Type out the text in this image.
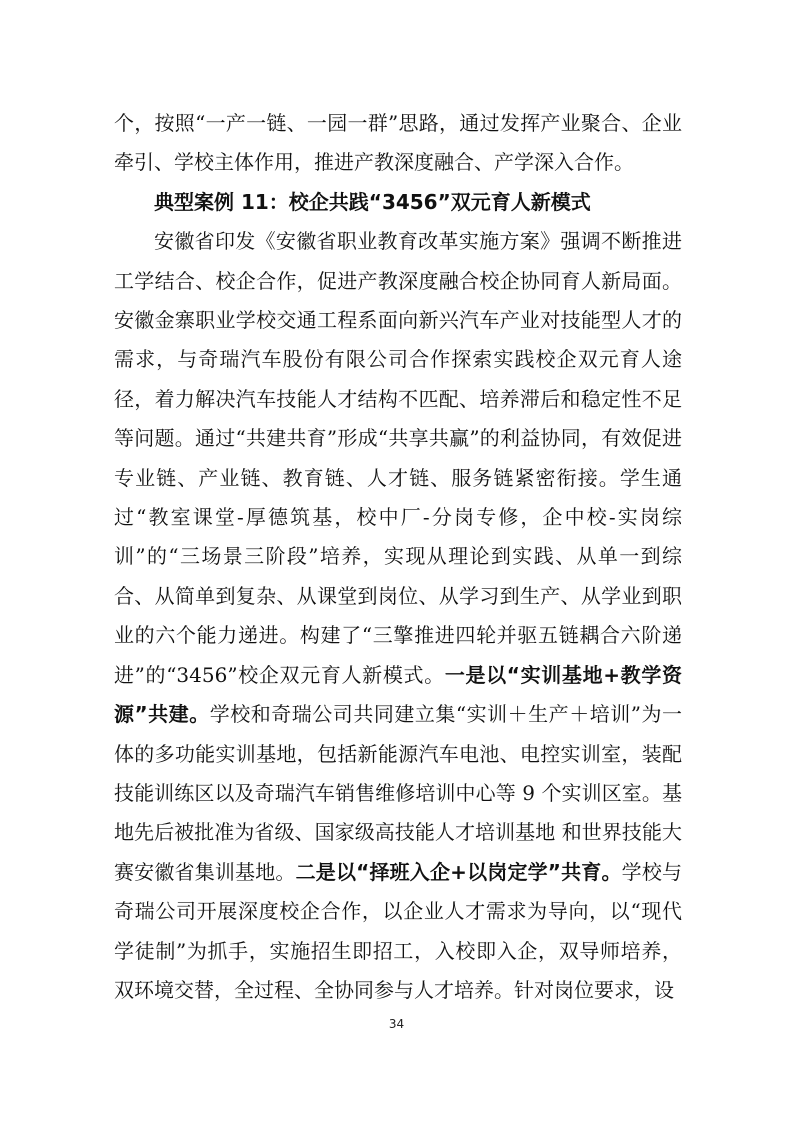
个，按照“一产一链、一园一群”思路，通过发挥产业聚合、企业牵引、学校主体作用，推进产教深度融合、产学深入合作。

典型案例 11：校企共践“3456”双元育人新模式

安徽省印发《安徽省职业教育改革实施方案》强调不断推进工学结合、校企合作，促进产教深度融合校企协同育人新局面。安徽金寨职业学校交通工程系面向新兴汽车产业对技能型人才的需求，与奇瑞汽车股份有限公司合作探索实践校企双元育人途径，着力解决汽车技能人才结构不匹配、培养滞后和稳定性不足等问题。通过“共建共育”形成“共享共赢”的利益协同，有效促进专业链、产业链、教育链、人才链、服务链紧密衔接。学生通过“教室课堂-厚德筑基，校中厂-分岗专修，企中校-实岗综训”的“三场景三阶段”培养，实现从理论到实践、从单一到综合、从简单到复杂、从课堂到岗位、从学习到生产、从学业到职业的六个能力递进。构建了“三擎推进四轮并驱五链耦合六阶递进”的“3456”校企双元育人新模式。一是以“实训基地+教学资源”共建。学校和奇瑞公司共同建立集“实训＋生产＋培训”为一体的多功能实训基地，包括新能源汽车电池、电控实训室，装配技能训练区以及奇瑞汽车销售维修培训中心等 9 个实训区室。基地先后被批准为省级、国家级高技能人才培训基地 和世界技能大赛安徽省集训基地。二是以“择班入企+以岗定学”共育。学校与奇瑞公司开展深度校企合作，以企业人才需求为导向，以“现代学徒制”为抓手，实施招生即招工，入校即入企，双导师培养，双环境交替，全过程、全协同参与人才培养。针对岗位要求，设

34
